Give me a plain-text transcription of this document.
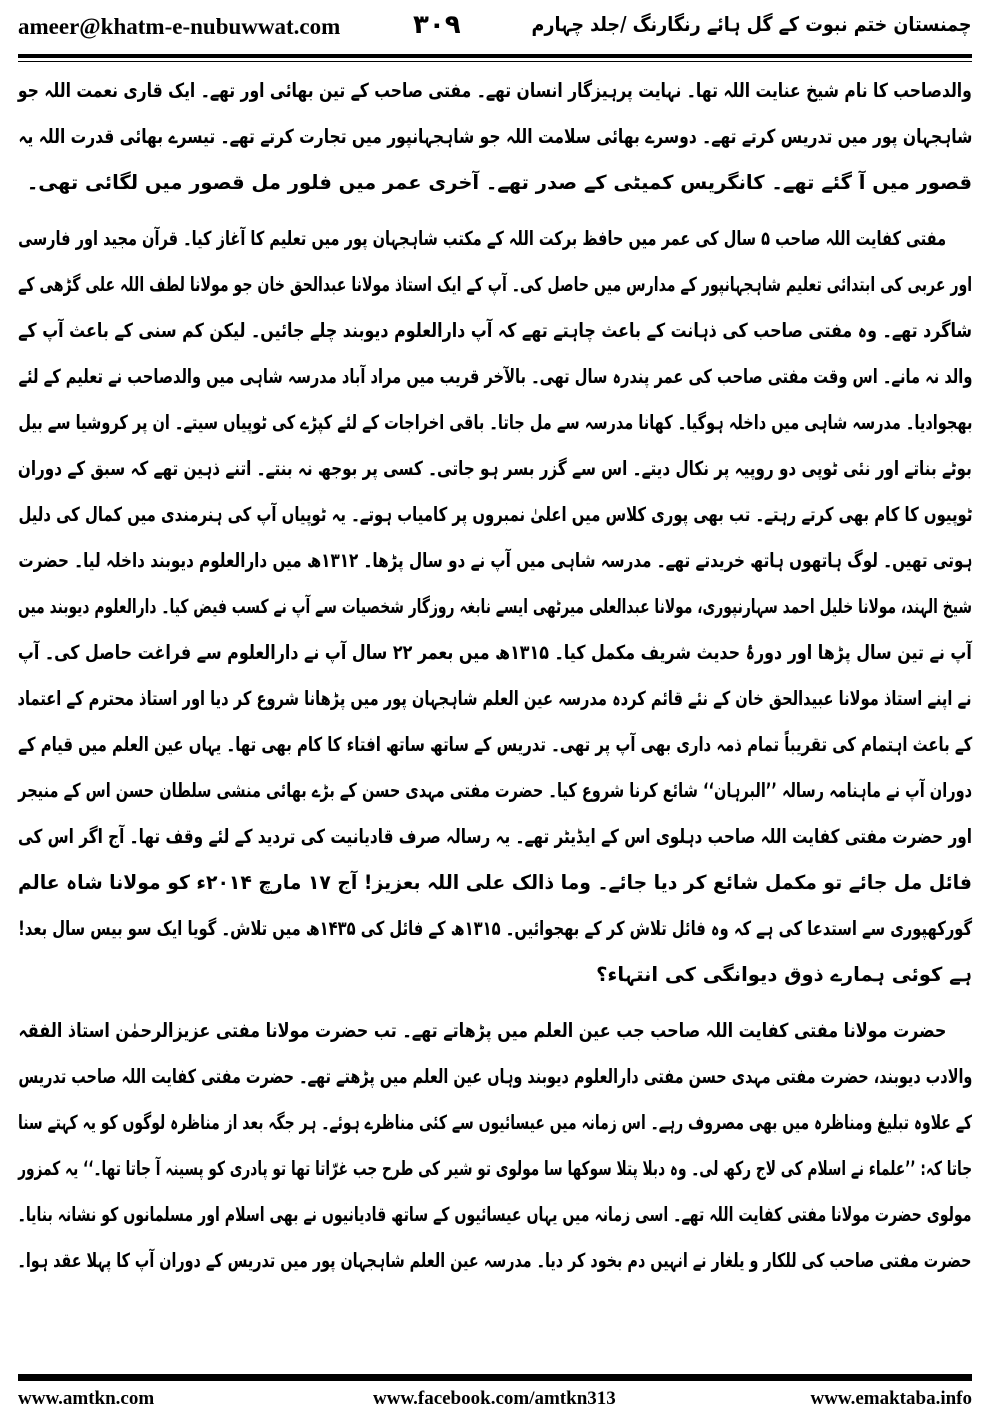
ameer@khatm-e-nubuwwat.com	۳۰۹	چمنستان ختم نبوت کے گل ہائے رنگارنگ /جلد چہارم
والدصاحب کا نام شیخ عنایت اللہ تھا۔ نہایت پرہیزگار انسان تھے۔ مفتی صاحب کے تین بھائی اور تھے۔ ایک قاری نعمت اللہ جو
شاہجہان پور میں تدریس کرتے تھے۔ دوسرے بھائی سلامت اللہ جو شاہجہانپور میں تجارت کرتے تھے۔ تیسرے بھائی قدرت اللہ یہ
قصور میں آ گئے تھے۔ کانگریس کمیٹی کے صدر تھے۔ آخری عمر میں فلور مل قصور میں لگائی تھی۔
مفتی کفایت اللہ صاحب ۵ سال کی عمر میں حافظ برکت اللہ کے مکتب شاہجہان پور میں تعلیم کا آغاز کیا۔ قرآن مجید اور فارسی
اور عربی کی ابتدائی تعلیم شاہجہانپور کے مدارس میں حاصل کی۔ آپ کے ایک استاذ مولانا عبدالحق خان جو مولانا لطف اللہ علی گڑھی کے
شاگرد تھے۔ وہ مفتی صاحب کی ذہانت کے باعث چاہتے تھے کہ آپ دارالعلوم دیوبند چلے جائیں۔ لیکن کم سنی کے باعث آپ کے
والد نہ مانے۔ اس وقت مفتی صاحب کی عمر پندرہ سال تھی۔ بالآخر قریب میں مراد آباد مدرسہ شاہی میں والدصاحب نے تعلیم کے لئے
بھجوادیا۔ مدرسہ شاہی میں داخلہ ہوگیا۔ کھانا مدرسہ سے مل جاتا۔ باقی اخراجات کے لئے کپڑے کی ٹوپیاں سیتے۔ ان پر کروشیا سے بیل
بوٹے بناتے اور نئی ٹوپی دو روپیہ پر نکال دیتے۔ اس سے گزر بسر ہو جاتی۔ کسی پر بوجھ نہ بنتے۔ اتنے ذہین تھے کہ سبق کے دوران
ٹوپیوں کا کام بھی کرتے رہتے۔ تب بھی پوری کلاس میں اعلیٰ نمبروں پر کامیاب ہوتے۔ یہ ٹوپیاں آپ کی ہنرمندی میں کمال کی دلیل
ہوتی تھیں۔ لوگ ہاتھوں ہاتھ خریدتے تھے۔ مدرسہ شاہی میں آپ نے دو سال پڑھا۔ ۱۳۱۲ھ میں دارالعلوم دیوبند داخلہ لیا۔ حضرت
شیخ الہند، مولانا خلیل احمد سہارنپوری، مولانا عبدالعلی میرٹھی ایسے نابغہ روزگار شخصیات سے آپ نے کسب فیض کیا۔ دارالعلوم دیوبند میں
آپ نے تین سال پڑھا اور دورۂ حدیث شریف مکمل کیا۔ ۱۳۱۵ھ میں بعمر ۲۲ سال آپ نے دارالعلوم سے فراغت حاصل کی۔ آپ
نے اپنے استاذ مولانا عبیدالحق خان کے نئے قائم کردہ مدرسہ عین العلم شاہجہان پور میں پڑھانا شروع کر دیا اور استاذ محترم کے اعتماد
کے باعث اہتمام کی تقریباً تمام ذمہ داری بھی آپ پر تھی۔ تدریس کے ساتھ ساتھ افتاء کا کام بھی تھا۔ یہاں عین العلم میں قیام کے
دوران آپ نے ماہنامہ رسالہ ’’البرہان‘‘ شائع کرنا شروع کیا۔ حضرت مفتی مہدی حسن کے بڑے بھائی منشی سلطان حسن اس کے منیجر
اور حضرت مفتی کفایت اللہ صاحب دہلوی اس کے ایڈیٹر تھے۔ یہ رسالہ صرف قادیانیت کی تردید کے لئے وقف تھا۔ آج اگر اس کی
فائل مل جائے تو مکمل شائع کر دیا جائے۔ وما ذالک علی اللہ بعزیز! آج ۱۷ مارچ ۲۰۱۴ء کو مولانا شاہ عالم
گورکھپوری سے استدعا کی ہے کہ وہ فائل تلاش کر کے بھجوائیں۔ ۱۳۱۵ھ کے فائل کی ۱۴۳۵ھ میں تلاش۔ گویا ایک سو بیس سال بعد!
ہے کوئی ہمارے ذوق دیوانگی کی انتہاء؟
حضرت مولانا مفتی کفایت اللہ صاحب جب عین العلم میں پڑھاتے تھے۔ تب حضرت مولانا مفتی عزیزالرحمٰن استاذ الفقہ
والادب دیوبند، حضرت مفتی مہدی حسن مفتی دارالعلوم دیوبند وہاں عین العلم میں پڑھتے تھے۔ حضرت مفتی کفایت اللہ صاحب تدریس
کے علاوہ تبلیغ ومناظرہ میں بھی مصروف رہے۔ اس زمانہ میں عیسائیوں سے کئی مناظرے ہوئے۔ ہر جگہ بعد از مناظرہ لوگوں کو یہ کہتے سنا
جاتا کہ: ’’علماء نے اسلام کی لاج رکھ لی۔ وہ دبلا پتلا سوکھا سا مولوی تو شیر کی طرح جب غرّاتا تھا تو پادری کو پسینہ آ جاتا تھا۔‘‘ یہ کمزور
مولوی حضرت مولانا مفتی کفایت اللہ تھے۔ اسی زمانہ میں یہاں عیسائیوں کے ساتھ قادیانیوں نے بھی اسلام اور مسلمانوں کو نشانہ بنایا۔
حضرت مفتی صاحب کی للکار و یلغار نے انہیں دم بخود کر دیا۔ مدرسہ عین العلم شاہجہان پور میں تدریس کے دوران آپ کا پہلا عقد ہوا۔
www.amtkn.com	www.facebook.com/amtkn313	www.emaktaba.info
